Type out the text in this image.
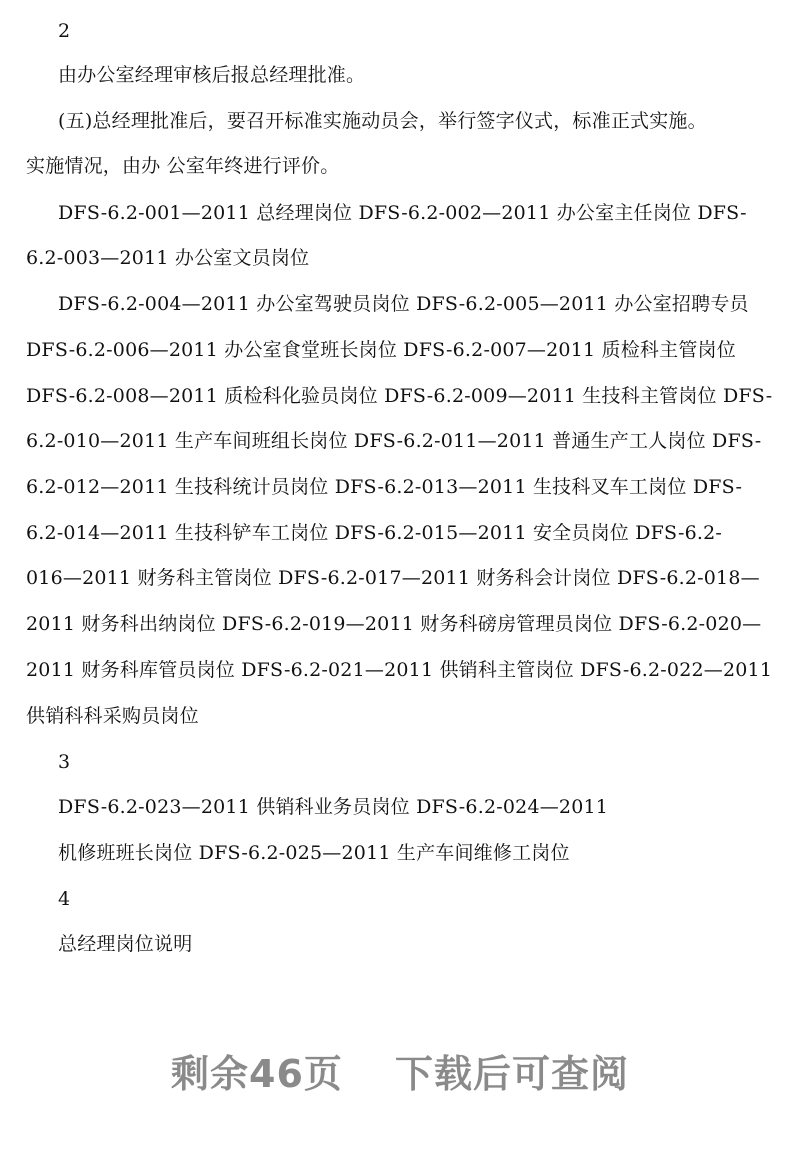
2
由办公室经理审核后报总经理批准。
(五)总经理批准后，要召开标准实施动员会，举行签字仪式，标准正式实施。
实施情况，由办 公室年终进行评价。
DFS-6.2-001—2011 总经理岗位 DFS-6.2-002—2011 办公室主任岗位 DFS-
6.2-003—2011 办公室文员岗位
DFS-6.2-004—2011 办公室驾驶员岗位 DFS-6.2-005—2011 办公室招聘专员
DFS-6.2-006—2011 办公室食堂班长岗位 DFS-6.2-007—2011 质检科主管岗位
DFS-6.2-008—2011 质检科化验员岗位 DFS-6.2-009—2011 生技科主管岗位 DFS-
6.2-010—2011 生产车间班组长岗位 DFS-6.2-011—2011 普通生产工人岗位 DFS-
6.2-012—2011 生技科统计员岗位 DFS-6.2-013—2011 生技科叉车工岗位 DFS-
6.2-014—2011 生技科铲车工岗位 DFS-6.2-015—2011 安全员岗位 DFS-6.2-
016—2011 财务科主管岗位 DFS-6.2-017—2011 财务科会计岗位 DFS-6.2-018—
2011 财务科出纳岗位 DFS-6.2-019—2011 财务科磅房管理员岗位 DFS-6.2-020—
2011 财务科库管员岗位 DFS-6.2-021—2011 供销科主管岗位 DFS-6.2-022—2011
供销科科采购员岗位
3
DFS-6.2-023—2011 供销科业务员岗位 DFS-6.2-024—2011
机修班班长岗位 DFS-6.2-025—2011 生产车间维修工岗位
4
总经理岗位说明
剩余46页 下载后可查阅
